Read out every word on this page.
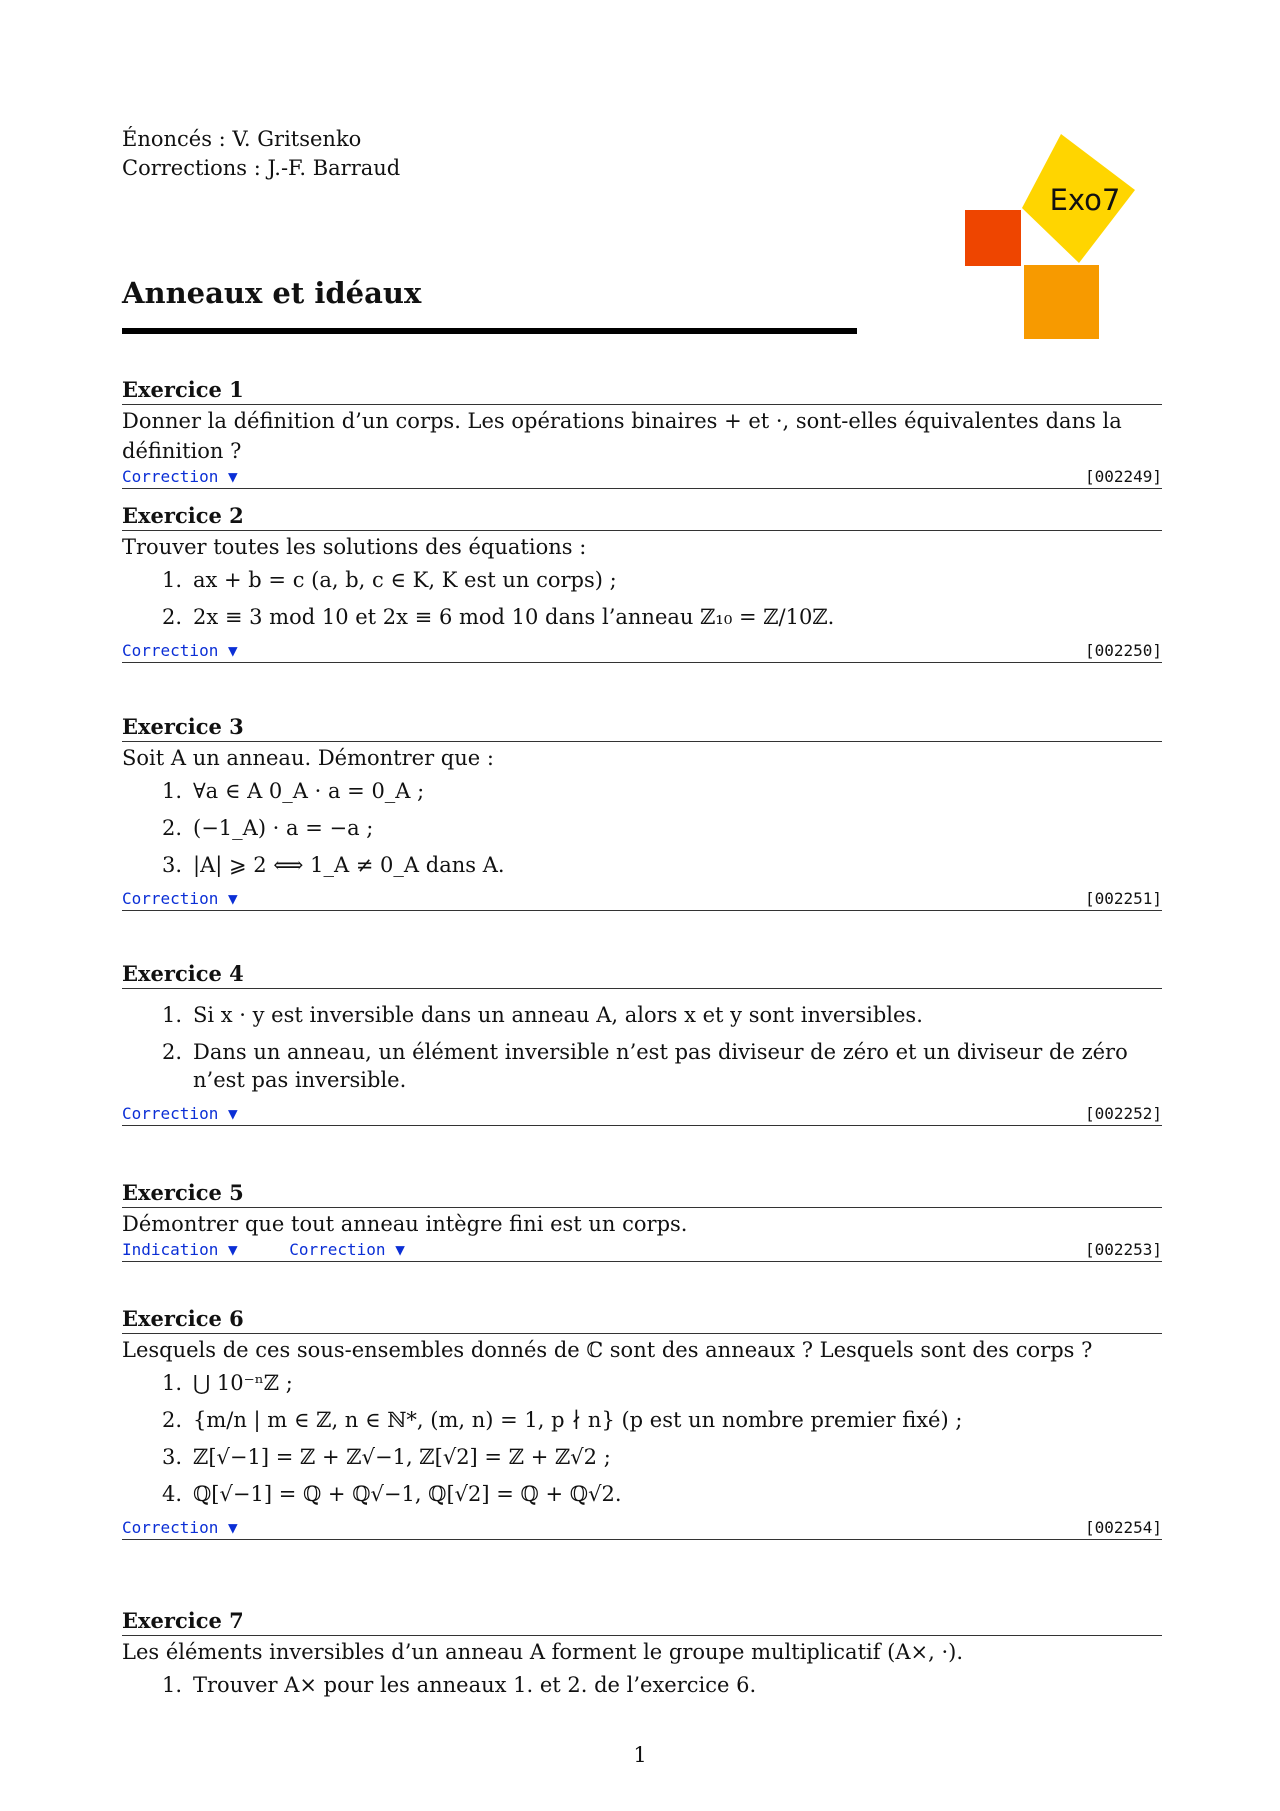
Énoncés : V. Gritsenko
Corrections : J.-F. Barraud
Exo7
Anneaux et idéaux
Exercice 1
Donner la définition d’un corps. Les opérations binaires + et ·, sont-elles équivalentes dans la définition ?
Correction ▼	[002249]
Exercice 2
Trouver toutes les solutions des équations :
1. ax + b = c (a, b, c ∈ K, K est un corps) ;
2. 2x ≡ 3 mod 10 et 2x ≡ 6 mod 10 dans l’anneau ℤ₁₀ = ℤ/10ℤ.
Correction ▼	[002250]
Exercice 3
Soit A un anneau. Démontrer que :
1. ∀a ∈ A 0_A · a = 0_A ;
2. (−1_A) · a = −a ;
3. |A| ⩾ 2 ⟺ 1_A ≠ 0_A dans A.
Correction ▼	[002251]
Exercice 4
1. Si x · y est inversible dans un anneau A, alors x et y sont inversibles.
2. Dans un anneau, un élément inversible n’est pas diviseur de zéro et un diviseur de zéro n’est pas inversible.
Correction ▼	[002252]
Exercice 5
Démontrer que tout anneau intègre fini est un corps.
Indication ▼	Correction ▼	[002253]
Exercice 6
Lesquels de ces sous-ensembles donnés de ℂ sont des anneaux ? Lesquels sont des corps ?
1. ⋃ 10⁻ⁿℤ ;
2. {m/n | m ∈ ℤ, n ∈ ℕ*, (m, n) = 1, p ∤ n} (p est un nombre premier fixé) ;
3. ℤ[√−1] = ℤ + ℤ√−1, ℤ[√2] = ℤ + ℤ√2 ;
4. ℚ[√−1] = ℚ + ℚ√−1, ℚ[√2] = ℚ + ℚ√2.
Correction ▼	[002254]
Exercice 7
Les éléments inversibles d’un anneau A forment le groupe multiplicatif (A×, ·).
1. Trouver A× pour les anneaux 1. et 2. de l’exercice 6.
1
